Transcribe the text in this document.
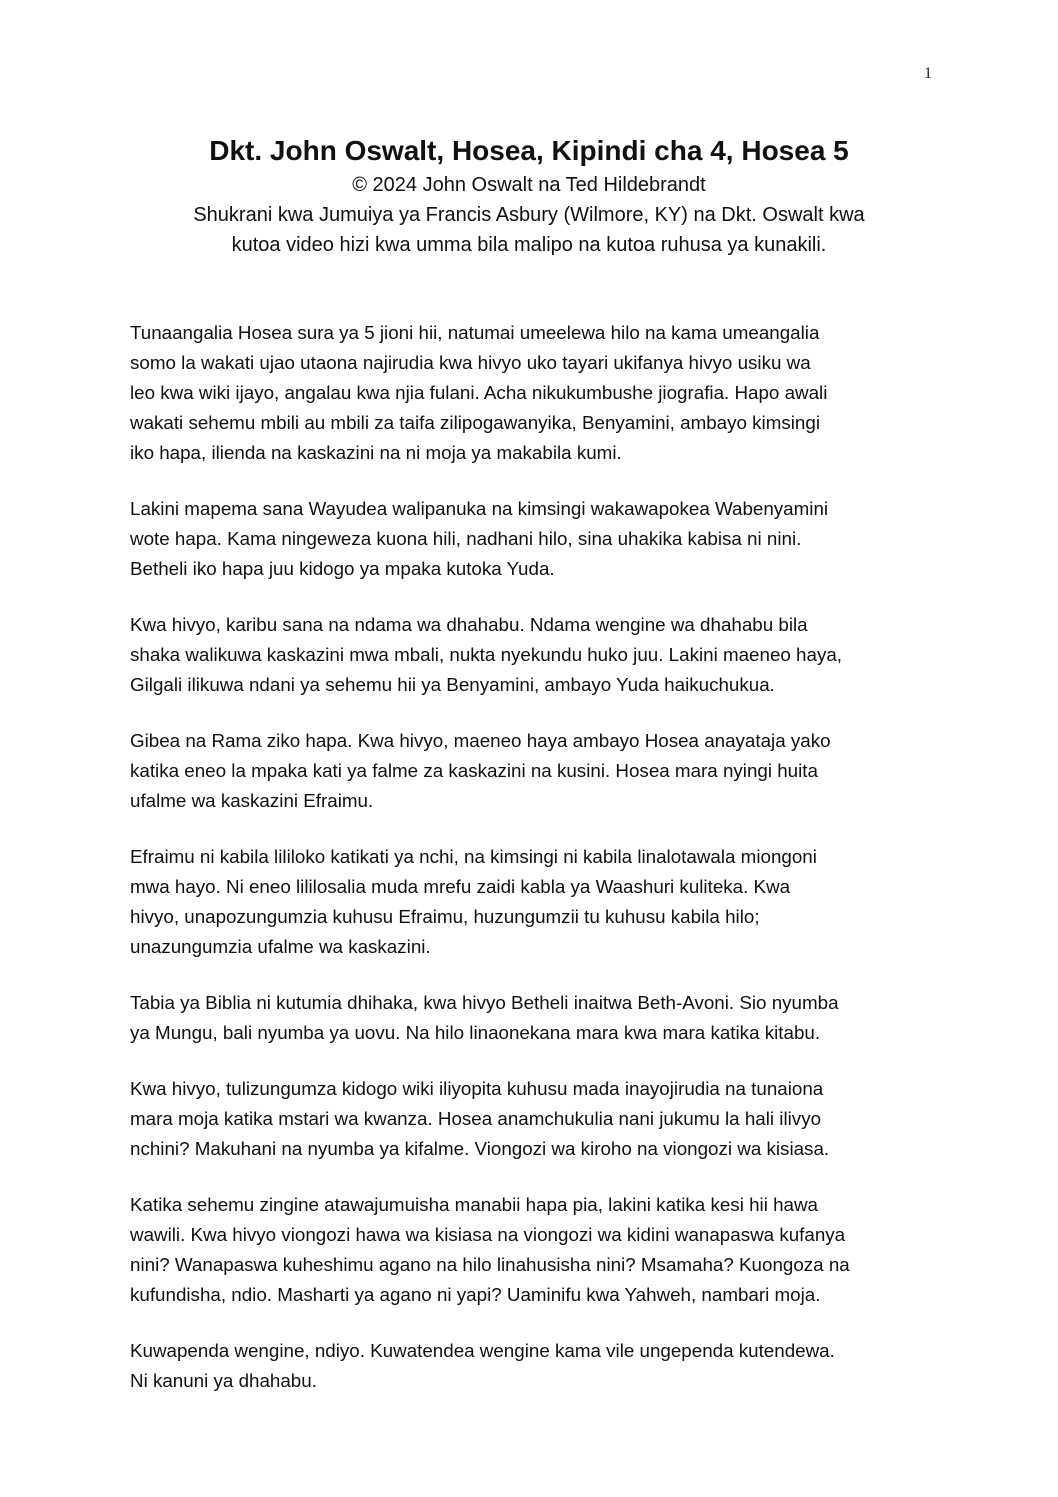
1
Dkt. John Oswalt, Hosea, Kipindi cha 4, Hosea 5

© 2024 John Oswalt na Ted Hildebrandt

Shukrani kwa Jumuiya ya Francis Asbury (Wilmore, KY) na Dkt. Oswalt kwa

kutoa video hizi kwa umma bila malipo na kutoa ruhusa ya kunakili.

Tunaangalia Hosea sura ya 5 jioni hii, natumai umeelewa hilo na kama umeangalia
somo la wakati ujao utaona najirudia kwa hivyo uko tayari ukifanya hivyo usiku wa
leo kwa wiki ijayo, angalau kwa njia fulani. Acha nikukumbushe jiografia. Hapo awali
wakati sehemu mbili au mbili za taifa zilipogawanyika, Benyamini, ambayo kimsingi
iko hapa, ilienda na kaskazini na ni moja ya makabila kumi.

Lakini mapema sana Wayudea walipanuka na kimsingi wakawapokea Wabenyamini
wote hapa. Kama ningeweza kuona hili, nadhani hilo, sina uhakika kabisa ni nini.
Betheli iko hapa juu kidogo ya mpaka kutoka Yuda.

Kwa hivyo, karibu sana na ndama wa dhahabu. Ndama wengine wa dhahabu bila
shaka walikuwa kaskazini mwa mbali, nukta nyekundu huko juu. Lakini maeneo haya,
Gilgali ilikuwa ndani ya sehemu hii ya Benyamini, ambayo Yuda haikuchukua.

Gibea na Rama ziko hapa. Kwa hivyo, maeneo haya ambayo Hosea anayataja yako
katika eneo la mpaka kati ya falme za kaskazini na kusini. Hosea mara nyingi huita
ufalme wa kaskazini Efraimu.

Efraimu ni kabila lililoko katikati ya nchi, na kimsingi ni kabila linalotawala miongoni
mwa hayo. Ni eneo lililosalia muda mrefu zaidi kabla ya Waashuri kuliteka. Kwa
hivyo, unapozungumzia kuhusu Efraimu, huzungumzii tu kuhusu kabila hilo;
unazungumzia ufalme wa kaskazini.

Tabia ya Biblia ni kutumia dhihaka, kwa hivyo Betheli inaitwa Beth-Avoni. Sio nyumba
ya Mungu, bali nyumba ya uovu. Na hilo linaonekana mara kwa mara katika kitabu.

Kwa hivyo, tulizungumza kidogo wiki iliyopita kuhusu mada inayojirudia na tunaiona
mara moja katika mstari wa kwanza. Hosea anamchukulia nani jukumu la hali ilivyo
nchini? Makuhani na nyumba ya kifalme. Viongozi wa kiroho na viongozi wa kisiasa.

Katika sehemu zingine atawajumuisha manabii hapa pia, lakini katika kesi hii hawa
wawili. Kwa hivyo viongozi hawa wa kisiasa na viongozi wa kidini wanapaswa kufanya
nini? Wanapaswa kuheshimu agano na hilo linahusisha nini? Msamaha? Kuongoza na
kufundisha, ndio. Masharti ya agano ni yapi? Uaminifu kwa Yahweh, nambari moja.

Kuwapenda wengine, ndiyo. Kuwatendea wengine kama vile ungependa kutendewa.
Ni kanuni ya dhahabu.
